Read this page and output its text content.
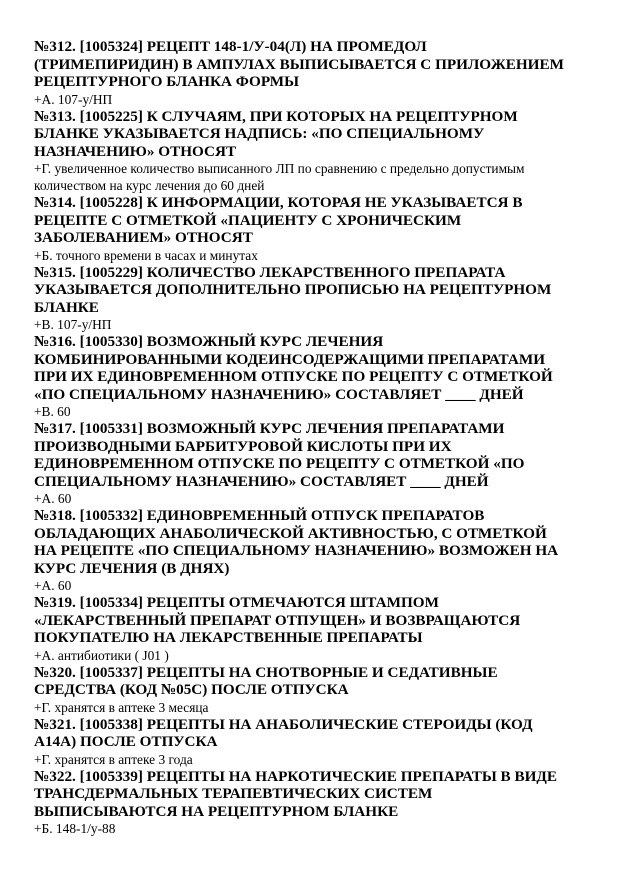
№312. [1005324] РЕЦЕПТ 148-1/У-04(Л) НА ПРОМЕДОЛ (ТРИМЕПИРИДИН) В АМПУЛАХ ВЫПИСЫВАЕТСЯ С ПРИЛОЖЕНИЕМ РЕЦЕПТУРНОГО БЛАНКА ФОРМЫ

+А. 107-у/НП

№313. [1005225] К СЛУЧАЯМ, ПРИ КОТОРЫХ НА РЕЦЕПТУРНОМ БЛАНКЕ УКАЗЫВАЕТСЯ НАДПИСЬ: «ПО СПЕЦИАЛЬНОМУ НАЗНАЧЕНИЮ» ОТНОСЯТ

+Г. увеличенное количество выписанного ЛП по сравнению с предельно допустимым количеством на курс лечения до 60 дней

№314. [1005228] К ИНФОРМАЦИИ, КОТОРАЯ НЕ УКАЗЫВАЕТСЯ В РЕЦЕПТЕ С ОТМЕТКОЙ «ПАЦИЕНТУ С ХРОНИЧЕСКИМ ЗАБОЛЕВАНИЕМ» ОТНОСЯТ

+Б. точного времени в часах и минутах

№315. [1005229] КОЛИЧЕСТВО ЛЕКАРСТВЕННОГО ПРЕПАРАТА УКАЗЫВАЕТСЯ ДОПОЛНИТЕЛЬНО ПРОПИСЬЮ НА РЕЦЕПТУРНОМ БЛАНКЕ

+В. 107-у/НП

№316. [1005330] ВОЗМОЖНЫЙ КУРС ЛЕЧЕНИЯ КОМБИНИРОВАННЫМИ КОДЕИНСОДЕРЖАЩИМИ ПРЕПАРАТАМИ ПРИ ИХ ЕДИНОВРЕМЕННОМ ОТПУСКЕ ПО РЕЦЕПТУ С ОТМЕТКОЙ «ПО СПЕЦИАЛЬНОМУ НАЗНАЧЕНИЮ» СОСТАВЛЯЕТ ____ ДНЕЙ

+В. 60

№317. [1005331] ВОЗМОЖНЫЙ КУРС ЛЕЧЕНИЯ ПРЕПАРАТАМИ ПРОИЗВОДНЫМИ БАРБИТУРОВОЙ КИСЛОТЫ ПРИ ИХ ЕДИНОВРЕМЕННОМ ОТПУСКЕ ПО РЕЦЕПТУ С ОТМЕТКОЙ «ПО СПЕЦИАЛЬНОМУ НАЗНАЧЕНИЮ» СОСТАВЛЯЕТ ____ ДНЕЙ

+А. 60

№318. [1005332] ЕДИНОВРЕМЕННЫЙ ОТПУСК ПРЕПАРАТОВ ОБЛАДАЮЩИХ АНАБОЛИЧЕСКОЙ АКТИВНОСТЬЮ, С ОТМЕТКОЙ НА РЕЦЕПТЕ «ПО СПЕЦИАЛЬНОМУ НАЗНАЧЕНИЮ» ВОЗМОЖЕН НА КУРС ЛЕЧЕНИЯ (В ДНЯХ)

+А. 60

№319. [1005334] РЕЦЕПТЫ ОТМЕЧАЮТСЯ ШТАМПОМ «ЛЕКАРСТВЕННЫЙ ПРЕПАРАТ ОТПУЩЕН» И ВОЗВРАЩАЮТСЯ ПОКУПАТЕЛЮ НА ЛЕКАРСТВЕННЫЕ ПРЕПАРАТЫ

+А. антибиотики ( J01 )

№320. [1005337] РЕЦЕПТЫ НА СНОТВОРНЫЕ И СЕДАТИВНЫЕ СРЕДСТВА (КОД №05С) ПОСЛЕ ОТПУСКА

+Г. хранятся в аптеке 3 месяца

№321. [1005338] РЕЦЕПТЫ НА АНАБОЛИЧЕСКИЕ СТЕРОИДЫ (КОД А14А) ПОСЛЕ ОТПУСКА

+Г. хранятся в аптеке 3 года

№322. [1005339] РЕЦЕПТЫ НА НАРКОТИЧЕСКИЕ ПРЕПАРАТЫ В ВИДЕ ТРАНСДЕРМАЛЬНЫХ ТЕРАПЕВТИЧЕСКИХ СИСТЕМ ВЫПИСЫВАЮТСЯ НА РЕЦЕПТУРНОМ БЛАНКЕ

+Б. 148-1/у-88
